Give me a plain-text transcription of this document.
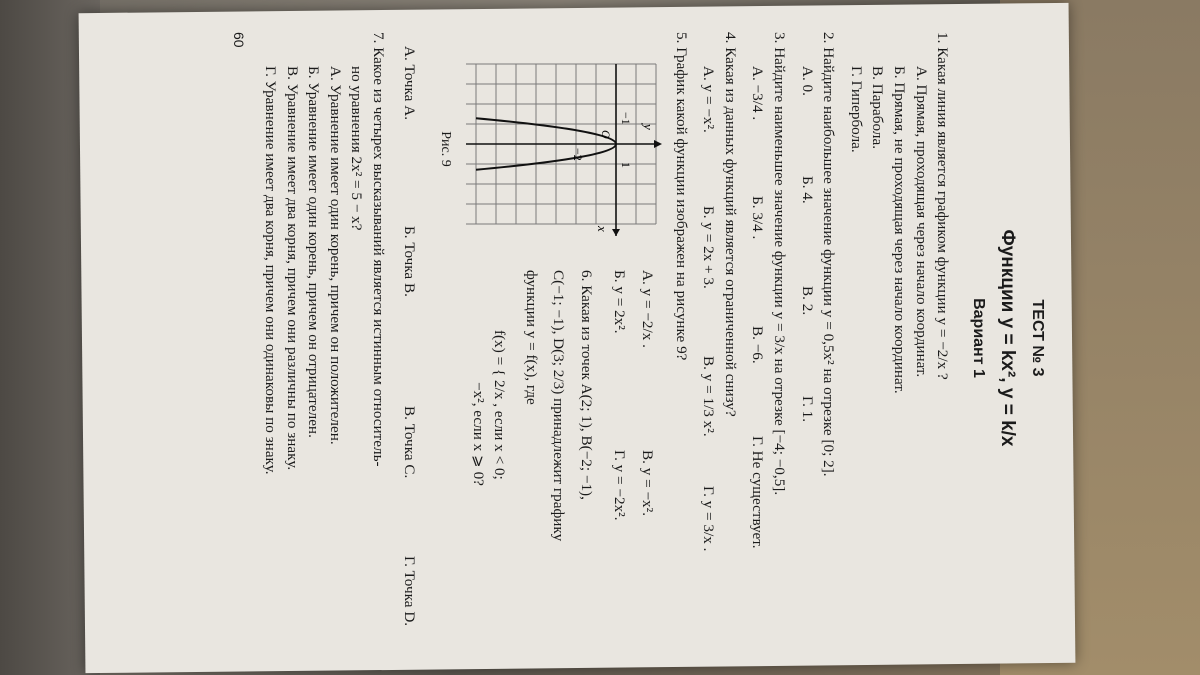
ТЕСТ № 3
Функции y = kx², y = k/x
Вариант 1
1. Какая линия является графиком функции y = −2/x ?
А. Прямая, проходящая через начало координат.
Б. Прямая, не проходящая через начало координат.
В. Парабола.
Г. Гипербола.
2. Найдите наибольшее значение функции y = 0,5x² на отрезке [0; 2].
А. 0.
Б. 4.
В. 2.
Г. 1.
3. Найдите наименьшее значение функции y = 3/x на отрезке [−4; −0,5].
А. −3/4 .
Б. 3/4 .
В. −6.
Г. Не существует.
4. Какая из данных функций является ограниченной снизу?
А. y = −x².
Б. y = 2x + 3.
В. y = 1/3 x².
Г. y = 3/x .
5. График какой функции изображен на рисунке 9?
y
x
O
−1
1
−2
Рис. 9
А. y = −2/x .
В. y = −x².
Б. y = 2x².
Г. y = −2x².
6. Какая из точек A(2; 1), B(−2; −1),
C(−1; −1), D(3; 2/3) принадлежит графику
функции y = f(x), где
f(x) = { 2/x , если x < 0;
−x², если x ⩾ 0?
А. Точка A.
Б. Точка B.
В. Точка C.
Г. Точка D.
7. Какое из четырех высказываний является истинным относитель-
но уравнения 2x² = 5 − x?
А. Уравнение имеет один корень, причем он положителен.
Б. Уравнение имеет один корень, причем он отрицателен.
В. Уравнение имеет два корня, причем они различны по знаку.
Г. Уравнение имеет два корня, причем они одинаковы по знаку.
60
